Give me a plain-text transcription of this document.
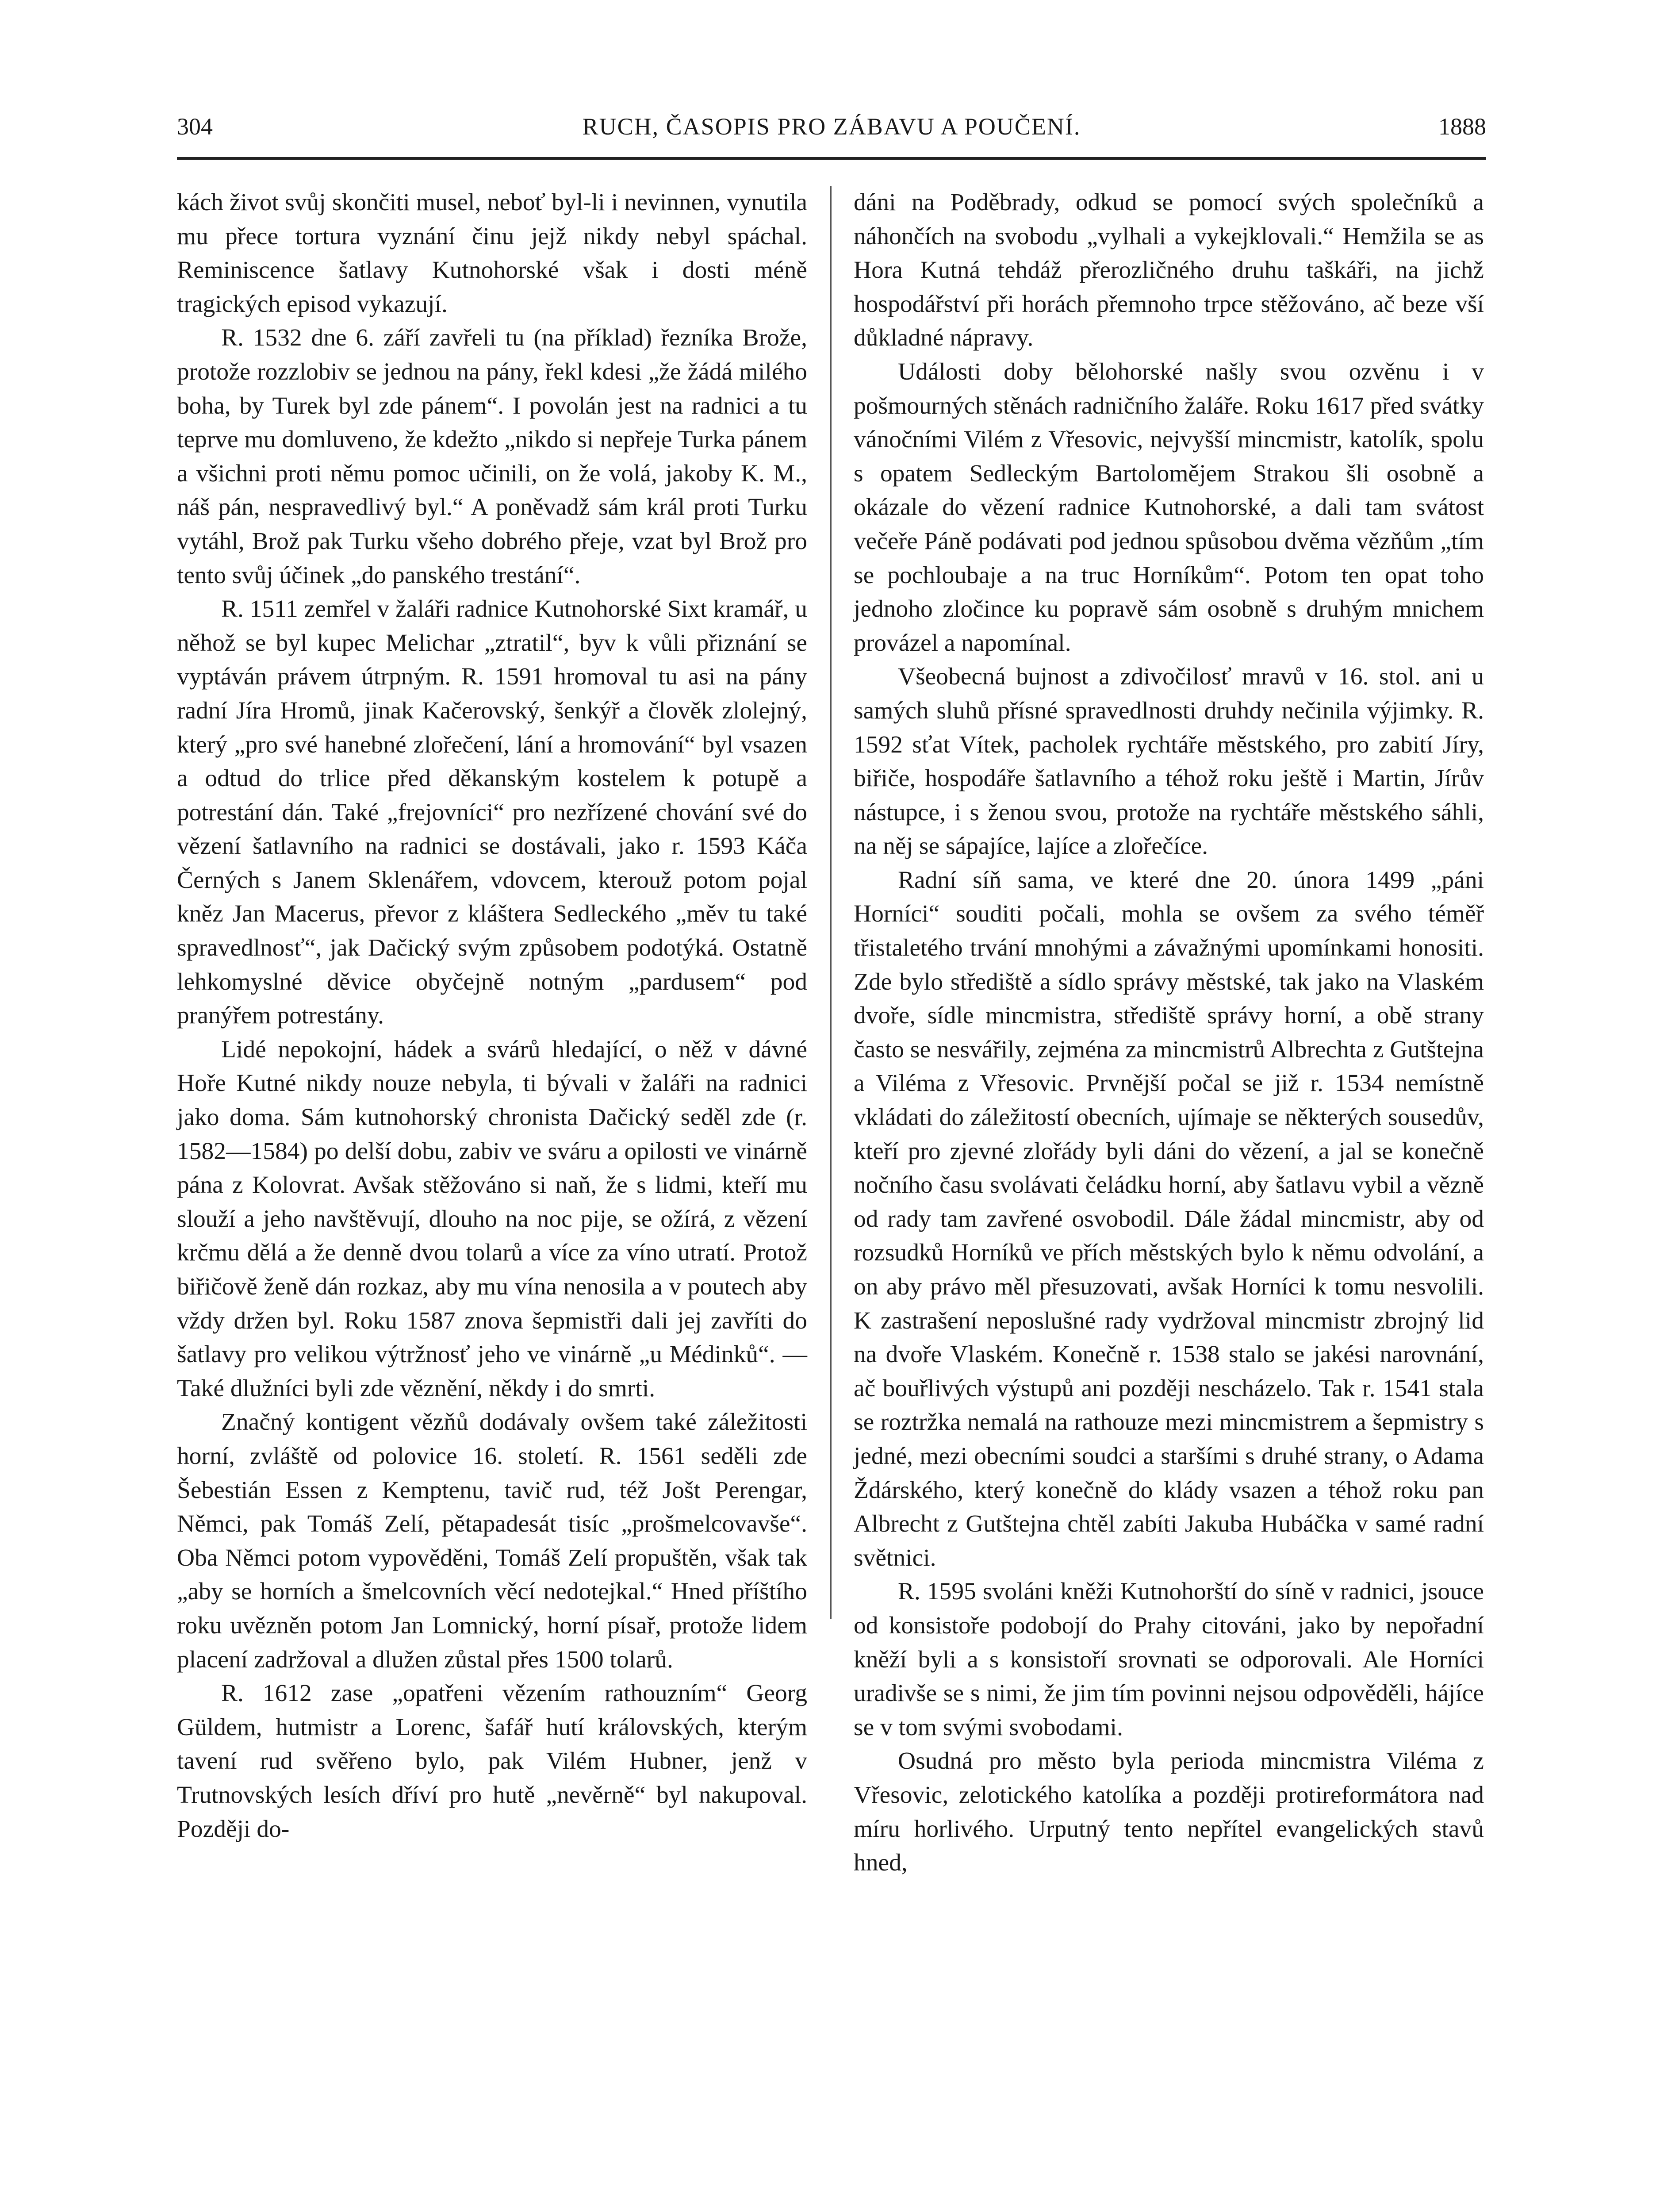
304	RUCH, ČASOPIS PRO ZÁBAVU A POUČENÍ.	1888

kách život svůj skončiti musel, neboť byl-li i nevinnen, vynutila mu přece tortura vyznání činu jejž nikdy nebyl spáchal. Reminiscence šatlavy Kutnohorské však i dosti méně tragických episod vykazují.

R. 1532 dne 6. září zavřeli tu (na příklad) řezníka Brože, protože rozzlobiv se jednou na pány, řekl kdesi „že žádá milého boha, by Turek byl zde pánem“. I povolán jest na radnici a tu teprve mu domluveno, že kdežto „nikdo si nepřeje Turka pánem a všichni proti němu pomoc učinili, on že volá, jakoby K. M., náš pán, nespravedlivý byl.“ A poněvadž sám král proti Turku vytáhl, Brož pak Turku všeho dobrého přeje, vzat byl Brož pro tento svůj účinek „do panského trestání“.

R. 1511 zemřel v žaláři radnice Kutnohorské Sixt kramář, u něhož se byl kupec Melichar „ztratil“, byv k vůli přiznání se vyptáván právem útrpným. R. 1591 hromoval tu asi na pány radní Jíra Hromů, jinak Kačerovský, šenkýř a člověk zlolejný, který „pro své hanebné zlořečení, lání a hromování“ byl vsazen a odtud do trlice před děkanským kostelem k potupě a potrestání dán. Také „frejovníci“ pro nezřízené chování své do vězení šatlavního na radnici se dostávali, jako r. 1593 Káča Černých s Janem Sklenářem, vdovcem, kterouž potom pojal kněz Jan Macerus, převor z kláštera Sedleckého „měv tu také spravedlnosť“, jak Dačický svým způsobem podotýká. Ostatně lehkomyslné děvice obyčejně notným „pardusem“ pod pranýřem potrestány.

Lidé nepokojní, hádek a svárů hledající, o něž v dávné Hoře Kutné nikdy nouze nebyla, ti bývali v žaláři na radnici jako doma. Sám kutnohorský chronista Dačický seděl zde (r. 1582—1584) po delší dobu, zabiv ve sváru a opilosti ve vinárně pána z Kolovrat. Avšak stěžováno si naň, že s lidmi, kteří mu slouží a jeho navštěvují, dlouho na noc pije, se ožírá, z vězení krčmu dělá a že denně dvou tolarů a více za víno utratí. Protož biřičově ženě dán rozkaz, aby mu vína nenosila a v poutech aby vždy držen byl. Roku 1587 znova šepmistři dali jej zavříti do šatlavy pro velikou výtržnosť jeho ve vinárně „u Médinků“. — Také dlužníci byli zde věznění, někdy i do smrti.

Značný kontigent vězňů dodávaly ovšem také záležitosti horní, zvláště od polovice 16. století. R. 1561 seděli zde Šebestián Essen z Kemptenu, tavič rud, též Jošt Perengar, Němci, pak Tomáš Zelí, pětapadesát tisíc „prošmelcovavše“. Oba Němci potom vypověděni, Tomáš Zelí propuštěn, však tak „aby se horních a šmelcovních věcí nedotejkal.“ Hned příštího roku uvězněn potom Jan Lomnický, horní písař, protože lidem placení zadržoval a dlužen zůstal přes 1500 tolarů.

R. 1612 zase „opatřeni vězením rathouzním“ Georg Güldem, hutmistr a Lorenc, šafář hutí královských, kterým tavení rud svěřeno bylo, pak Vilém Hubner, jenž v Trutnovských lesích dříví pro hutě „nevěrně“ byl nakupoval. Později do-

dáni na Poděbrady, odkud se pomocí svých společníků a náhončích na svobodu „vylhali a vykejklovali.“ Hemžila se as Hora Kutná tehdáž přerozličného druhu taškáři, na jichž hospodářství při horách přemnoho trpce stěžováno, ač beze vší důkladné nápravy.

Události doby bělohorské našly svou ozvěnu i v pošmourných stěnách radničního žaláře. Roku 1617 před svátky vánočními Vilém z Vřesovic, nejvyšší mincmistr, katolík, spolu s opatem Sedleckým Bartolomějem Strakou šli osobně a okázale do vězení radnice Kutnohorské, a dali tam svátost večeře Páně podávati pod jednou spůsobou dvěma vězňům „tím se pochloubaje a na truc Horníkům“. Potom ten opat toho jednoho zločince ku popravě sám osobně s druhým mnichem provázel a napomínal.

Všeobecná bujnost a zdivočilosť mravů v 16. stol. ani u samých sluhů přísné spravedlnosti druhdy nečinila výjimky. R. 1592 sťat Vítek, pacholek rychtáře městského, pro zabití Jíry, biřiče, hospodáře šatlavního a téhož roku ještě i Martin, Jírův nástupce, i s ženou svou, protože na rychtáře městského sáhli, na něj se sápajíce, lajíce a zlořečíce.

Radní síň sama, ve které dne 20. února 1499 „páni Horníci“ souditi počali, mohla se ovšem za svého téměř třistaletého trvání mnohými a závažnými upomínkami honositi. Zde bylo střediště a sídlo správy městské, tak jako na Vlaském dvoře, sídle mincmistra, střediště správy horní, a obě strany často se nesvářily, zejména za mincmistrů Albrechta z Gutštejna a Viléma z Vřesovic. Prvnější počal se již r. 1534 nemístně vkládati do záležitostí obecních, ujímaje se některých sousedův, kteří pro zjevné zlořády byli dáni do vězení, a jal se konečně nočního času svolávati čeládku horní, aby šatlavu vybil a vězně od rady tam zavřené osvobodil. Dále žádal mincmistr, aby od rozsudků Horníků ve přích městských bylo k němu odvolání, a on aby právo měl přesuzovati, avšak Horníci k tomu nesvolili. K zastrašení neposlušné rady vydržoval mincmistr zbrojný lid na dvoře Vlaském. Konečně r. 1538 stalo se jakési narovnání, ač bouřlivých výstupů ani později nescházelo. Tak r. 1541 stala se roztržka nemalá na rathouze mezi mincmistrem a šepmistry s jedné, mezi obecními soudci a staršími s druhé strany, o Adama Ždárského, který konečně do klády vsazen a téhož roku pan Albrecht z Gutštejna chtěl zabíti Jakuba Hubáčka v samé radní světnici.

R. 1595 svoláni kněži Kutnohorští do síně v radnici, jsouce od konsistoře podobojí do Prahy citováni, jako by nepořadní kněží byli a s konsistoří srovnati se odporovali. Ale Horníci uradivše se s nimi, že jim tím povinni nejsou odpověděli, hájíce se v tom svými svobodami.

Osudná pro město byla perioda mincmistra Viléma z Vřesovic, zelotického katolíka a později protireformátora nad míru horlivého. Urputný tento nepřítel evangelických stavů hned,
